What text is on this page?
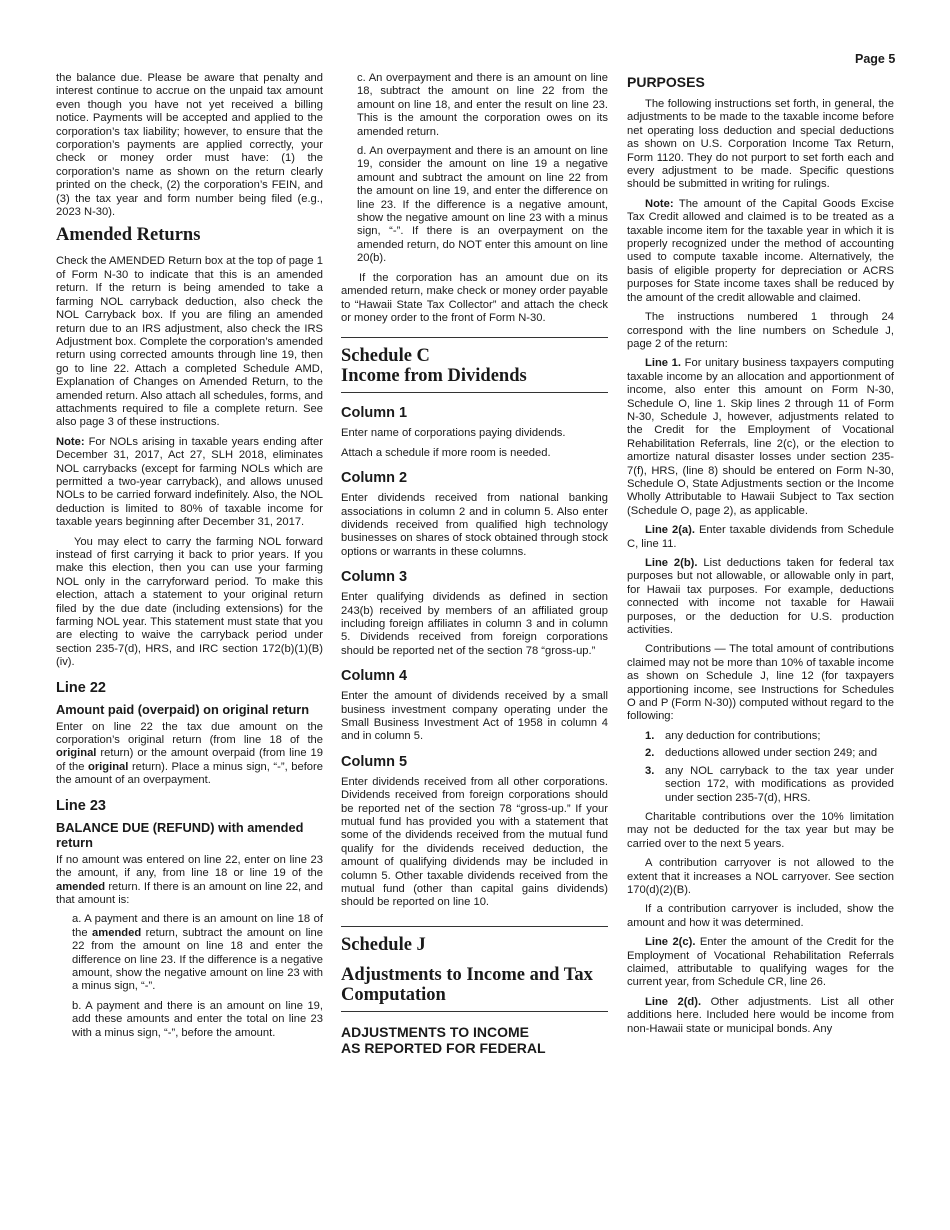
Page 5

the balance due. Please be aware that penalty and interest continue to accrue on the unpaid tax amount even though you have not yet received a billing notice. Payments will be accepted and applied to the corporation’s tax liability; however, to ensure that the corporation’s payments are applied correctly, your check or money order must have: (1) the corporation’s name as shown on the return clearly printed on the check, (2) the corporation’s FEIN, and (3) the tax year and form number being filed (e.g., 2023 N-30).

Amended Returns

Check the AMENDED Return box at the top of page 1 of Form N-30 to indicate that this is an amended return. If the return is being amended to take a farming NOL carryback deduction, also check the NOL Carryback box. If you are filing an amended return due to an IRS adjustment, also check the IRS Adjustment box. Complete the corporation’s amended return using corrected amounts through line 19, then go to line 22. Attach a completed Schedule AMD, Explanation of Changes on Amended Return, to the amended return. Also attach all schedules, forms, and attachments required to file a complete return. See also page 3 of these instructions.

Note: For NOLs arising in taxable years ending after December 31, 2017, Act 27, SLH 2018, eliminates NOL carrybacks (except for farming NOLs which are permitted a two-year carryback), and allows unused NOLs to be carried forward indefinitely. Also, the NOL deduction is limited to 80% of taxable income for taxable years beginning after December 31, 2017.

You may elect to carry the farming NOL forward instead of first carrying it back to prior years. If you make this election, then you can use your farming NOL only in the carryforward period. To make this election, attach a statement to your original return filed by the due date (including extensions) for the farming NOL year. This statement must state that you are electing to waive the carryback period under section 235-7(d), HRS, and IRC section 172(b)(1)(B)(iv).

Line 22
Amount paid (overpaid) on original return

Enter on line 22 the tax due amount on the corporation’s original return (from line 18 of the original return) or the amount overpaid (from line 19 of the original return). Place a minus sign, “-”, before the amount of an overpayment.

Line 23
BALANCE DUE (REFUND) with amended return

If no amount was entered on line 22, enter on line 23 the amount, if any, from line 18 or line 19 of the amended return. If there is an amount on line 22, and that amount is:

a. A payment and there is an amount on line 18 of the amended return, subtract the amount on line 22 from the amount on line 18 and enter the difference on line 23. If the difference is a negative amount, show the negative amount on line 23 with a minus sign, “-”.

b. A payment and there is an amount on line 19, add these amounts and enter the total on line 23 with a minus sign, “-”, before the amount.

c. An overpayment and there is an amount on line 18, subtract the amount on line 22 from the amount on line 18, and enter the result on line 23. This is the amount the corporation owes on its amended return.

d. An overpayment and there is an amount on line 19, consider the amount on line 19 a negative amount and subtract the amount on line 22 from the amount on line 19, and enter the difference on line 23. If the difference is a negative amount, show the negative amount on line 23 with a minus sign, “-”. If there is an overpayment on the amended return, do NOT enter this amount on line 20(b).

If the corporation has an amount due on its amended return, make check or money order payable to “Hawaii State Tax Collector” and attach the check or money order to the front of Form N-30.

Schedule C
Income from Dividends
Column 1

Enter name of corporations paying dividends.

Attach a schedule if more room is needed.

Column 2

Enter dividends received from national banking associations in column 2 and in column 5. Also enter dividends received from qualified high technology businesses on shares of stock obtained through stock options or warrants in these columns.

Column 3

Enter qualifying dividends as defined in section 243(b) received by members of an affiliated group including foreign affiliates in column 3 and in column 5. Dividends received from foreign corporations should be reported net of the section 78 “gross-up.”

Column 4

Enter the amount of dividends received by a small business investment company operating under the Small Business Investment Act of 1958 in column 4 and in column 5.

Column 5

Enter dividends received from all other corporations. Dividends received from foreign corporations should be reported net of the section 78 “gross-up.” If your mutual fund has provided you with a statement that some of the dividends received from the mutual fund qualify for the dividends received deduction, the amount of qualifying dividends may be included in column 5. Other taxable dividends received from the mutual fund (other than capital gains dividends) should be reported on line 10.

Schedule J
Adjustments to Income and Tax Computation
ADJUSTMENTS TO INCOME
AS REPORTED FOR FEDERAL
PURPOSES

The following instructions set forth, in general, the adjustments to be made to the taxable income before net operating loss deduction and special deductions as shown on U.S. Corporation Income Tax Return, Form 1120. They do not purport to set forth each and every adjustment to be made. Specific questions should be submitted in writing for rulings.

Note: The amount of the Capital Goods Excise Tax Credit allowed and claimed is to be treated as a taxable income item for the taxable year in which it is properly recognized under the method of accounting used to compute taxable income. Alternatively, the basis of eligible property for depreciation or ACRS purposes for State income taxes shall be reduced by the amount of the credit allowable and claimed.

The instructions numbered 1 through 24 correspond with the line numbers on Schedule J, page 2 of the return:

Line 1. For unitary business taxpayers computing taxable income by an allocation and apportionment of income, also enter this amount on Form N-30, Schedule O, line 1. Skip lines 2 through 11 of Form N-30, Schedule J, however, adjustments related to the Credit for the Employment of Vocational Rehabilitation Referrals, line 2(c), or the election to amortize natural disaster losses under section 235-7(f), HRS, (line 8) should be entered on Form N-30, Schedule O, State Adjustments section or the Income Wholly Attributable to Hawaii Subject to Tax section (Schedule O, page 2), as applicable.

Line 2(a). Enter taxable dividends from Schedule C, line 11.

Line 2(b). List deductions taken for federal tax purposes but not allowable, or allowable only in part, for Hawaii tax purposes. For example, deductions connected with income not taxable for Hawaii purposes, or the deduction for U.S. production activities.

Contributions — The total amount of contributions claimed may not be more than 10% of taxable income as shown on Schedule J, line 12 (for taxpayers apportioning income, see Instructions for Schedules O and P (Form N-30)) computed without regard to the following:

1. any deduction for contributions;
2. deductions allowed under section 249; and
3. any NOL carryback to the tax year under section 172, with modifications as provided under section 235-7(d), HRS.

Charitable contributions over the 10% limitation may not be deducted for the tax year but may be carried over to the next 5 years.

A contribution carryover is not allowed to the extent that it increases a NOL carryover. See section 170(d)(2)(B).

If a contribution carryover is included, show the amount and how it was determined.

Line 2(c). Enter the amount of the Credit for the Employment of Vocational Rehabilitation Referrals claimed, attributable to qualifying wages for the current year, from Schedule CR, line 26.

Line 2(d). Other adjustments. List all other additions here. Included here would be income from non-Hawaii state or municipal bonds. Any
